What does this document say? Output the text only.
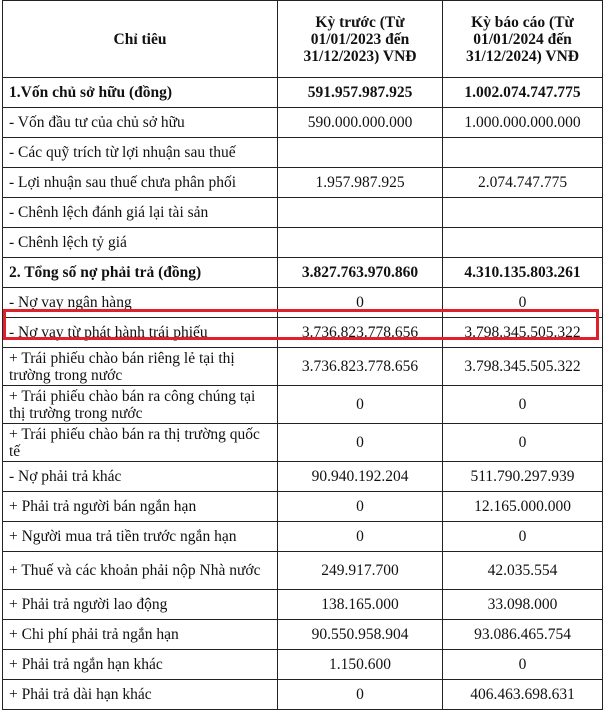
Chỉ tiêu	Kỳ trước (Từ 01/01/2023 đến 31/12/2023) VNĐ	Kỳ báo cáo (Từ 01/01/2024 đến 31/12/2024) VNĐ
1.Vốn chủ sở hữu (đồng)	591.957.987.925	1.002.074.747.775
- Vốn đầu tư của chủ sở hữu	590.000.000.000	1.000.000.000.000
- Các quỹ trích từ lợi nhuận sau thuế		
- Lợi nhuận sau thuế chưa phân phối	1.957.987.925	2.074.747.775
- Chênh lệch đánh giá lại tài sản		
- Chênh lệch tỷ giá		
2. Tổng số nợ phải trả (đồng)	3.827.763.970.860	4.310.135.803.261
- Nợ vay ngân hàng	0	0
- Nợ vay từ phát hành trái phiếu	3.736.823.778.656	3.798.345.505.322
+ Trái phiếu chào bán riêng lẻ tại thị trường trong nước	3.736.823.778.656	3.798.345.505.322
+ Trái phiếu chào bán ra công chúng tại thị trường trong nước	0	0
+ Trái phiếu chào bán ra thị trường quốc tế	0	0
- Nợ phải trả khác	90.940.192.204	511.790.297.939
+ Phải trả người bán ngắn hạn	0	12.165.000.000
+ Người mua trả tiền trước ngắn hạn	0	0
+ Thuế và các khoản phải nộp Nhà nước	249.917.700	42.035.554
+ Phải trả người lao động	138.165.000	33.098.000
+ Chi phí phải trả ngắn hạn	90.550.958.904	93.086.465.754
+ Phải trả ngắn hạn khác	1.150.600	0
+ Phải trả dài hạn khác	0	406.463.698.631
